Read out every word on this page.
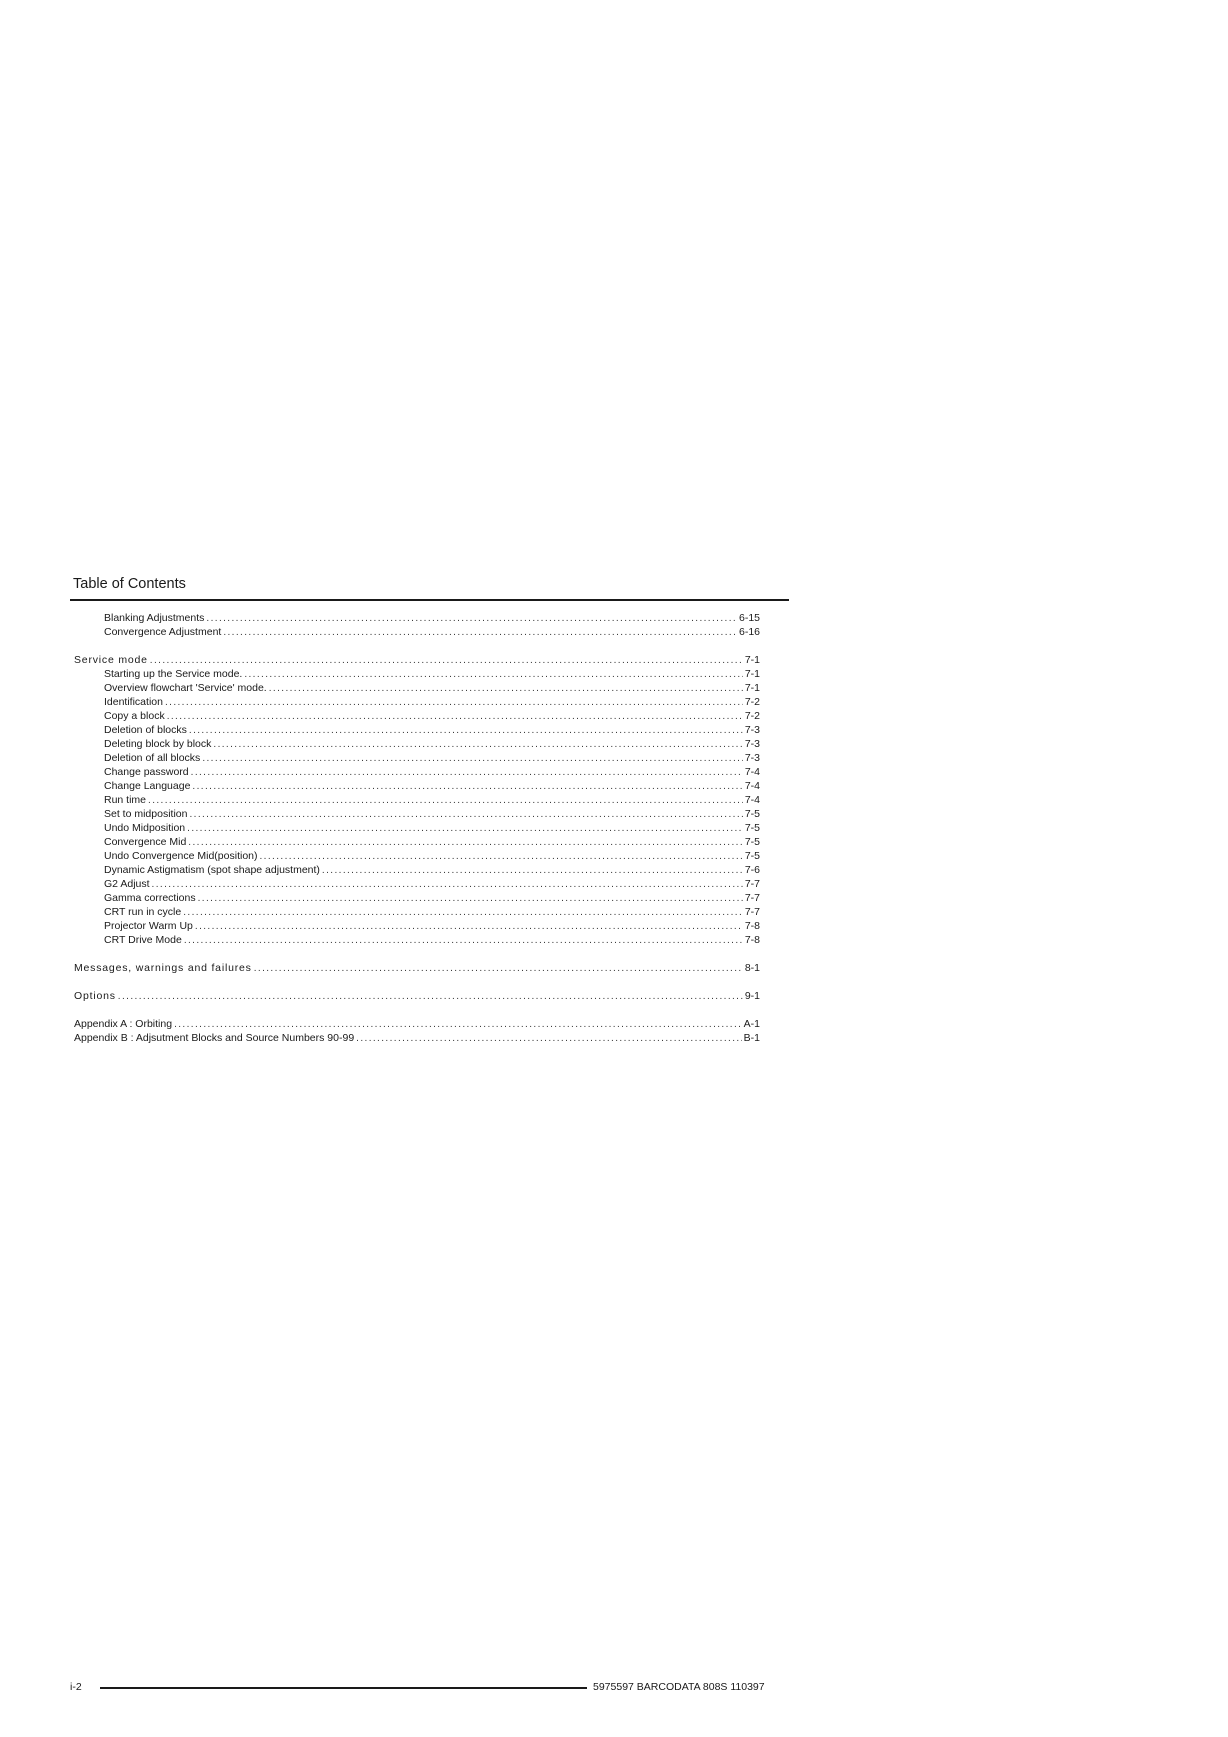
Table of Contents
Blanking Adjustments .....	6-15
Convergence Adjustment .....	6-16
Service mode .....	7-1
Starting up the Service mode. .....	7-1
Overview flowchart 'Service' mode. .....	7-1
Identification .....	7-2
Copy a block .....	7-2
Deletion of blocks .....	7-3
Deleting block by block .....	7-3
Deletion of all blocks .....	7-3
Change password .....	7-4
Change Language .....	7-4
Run time .....	7-4
Set to midposition .....	7-5
Undo Midposition .....	7-5
Convergence Mid .....	7-5
Undo Convergence Mid(position) .....	7-5
Dynamic Astigmatism (spot shape adjustment) .....	7-6
G2 Adjust .....	7-7
Gamma corrections .....	7-7
CRT run in cycle .....	7-7
Projector Warm Up .....	7-8
CRT Drive Mode .....	7-8
Messages, warnings and failures .....	8-1
Options .....	9-1
Appendix A : Orbiting .....	A-1
Appendix B : Adjsutment Blocks and Source Numbers 90-99 .....	B-1
i-2	5975597 BARCODATA 808S 110397
